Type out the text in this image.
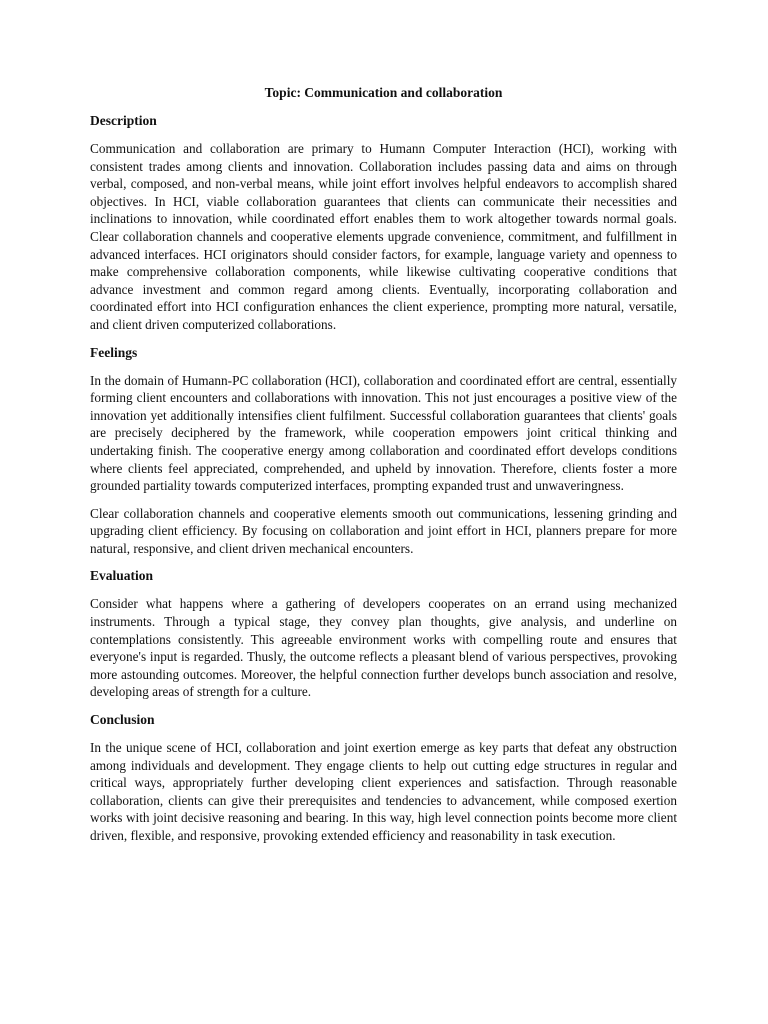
Topic: Communication and collaboration
Description

Communication and collaboration are primary to Humann Computer Interaction (HCI), working with consistent trades among clients and innovation. Collaboration includes passing data and aims on through verbal, composed, and non-verbal means, while joint effort involves helpful endeavors to accomplish shared objectives. In HCI, viable collaboration guarantees that clients can communicate their necessities and inclinations to innovation, while coordinated effort enables them to work altogether towards normal goals. Clear collaboration channels and cooperative elements upgrade convenience, commitment, and fulfillment in advanced interfaces. HCI originators should consider factors, for example, language variety and openness to make comprehensive collaboration components, while likewise cultivating cooperative conditions that advance investment and common regard among clients. Eventually, incorporating collaboration and coordinated effort into HCI configuration enhances the client experience, prompting more natural, versatile, and client driven computerized collaborations.

Feelings

In the domain of Humann-PC collaboration (HCI), collaboration and coordinated effort are central, essentially forming client encounters and collaborations with innovation. This not just encourages a positive view of the innovation yet additionally intensifies client fulfilment. Successful collaboration guarantees that clients' goals are precisely deciphered by the framework, while cooperation empowers joint critical thinking and undertaking finish. The cooperative energy among collaboration and coordinated effort develops conditions where clients feel appreciated, comprehended, and upheld by innovation. Therefore, clients foster a more grounded partiality towards computerized interfaces, prompting expanded trust and unwaveringness.

Clear collaboration channels and cooperative elements smooth out communications, lessening grinding and upgrading client efficiency. By focusing on collaboration and joint effort in HCI, planners prepare for more natural, responsive, and client driven mechanical encounters.

Evaluation

Consider what happens where a gathering of developers cooperates on an errand using mechanized instruments. Through a typical stage, they convey plan thoughts, give analysis, and underline on contemplations consistently. This agreeable environment works with compelling route and ensures that everyone's input is regarded. Thusly, the outcome reflects a pleasant blend of various perspectives, provoking more astounding outcomes. Moreover, the helpful connection further develops bunch association and resolve, developing areas of strength for a culture.

Conclusion

In the unique scene of HCI, collaboration and joint exertion emerge as key parts that defeat any obstruction among individuals and development. They engage clients to help out cutting edge structures in regular and critical ways, appropriately further developing client experiences and satisfaction. Through reasonable collaboration, clients can give their prerequisites and tendencies to advancement, while composed exertion works with joint decisive reasoning and bearing. In this way, high level connection points become more client driven, flexible, and responsive, provoking extended efficiency and reasonability in task execution.
